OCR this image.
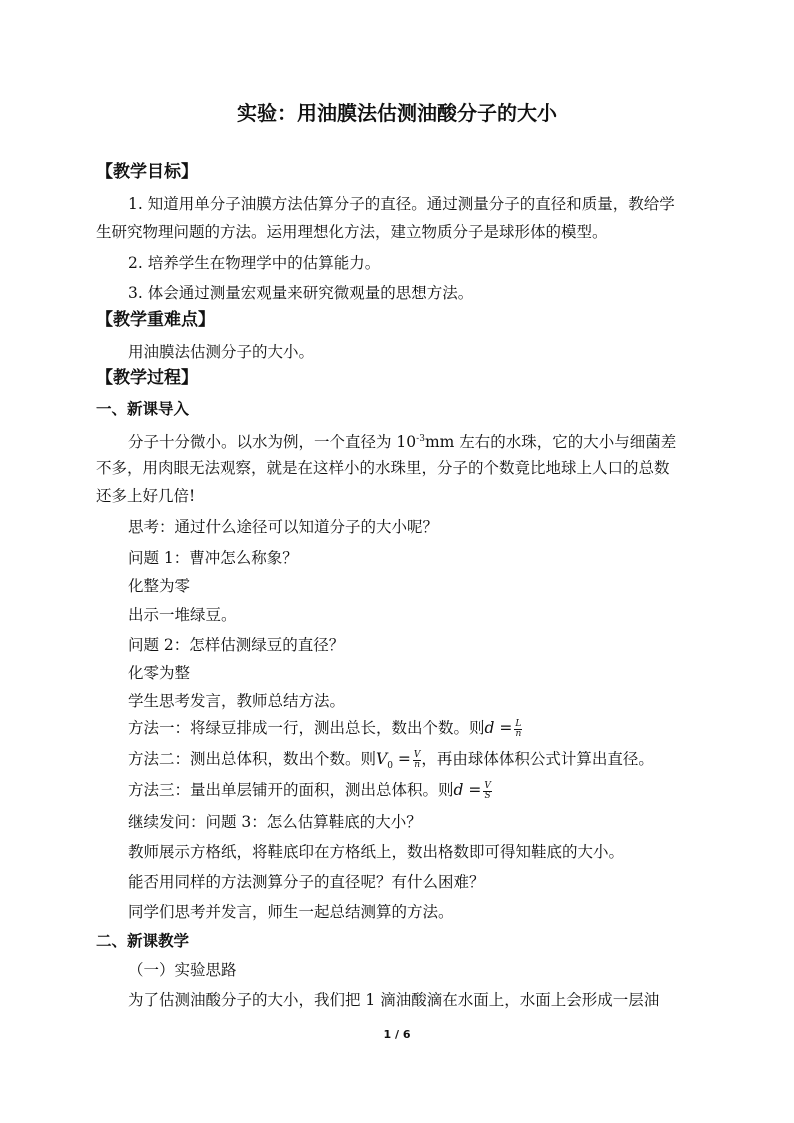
实验：用油膜法估测油酸分子的大小
【教学目标】
1. 知道用单分子油膜方法估算分子的直径。通过测量分子的直径和质量，教给学
生研究物理问题的方法。运用理想化方法，建立物质分子是球形体的模型。
2. 培养学生在物理学中的估算能力。
3. 体会通过测量宏观量来研究微观量的思想方法。
【教学重难点】
用油膜法估测分子的大小。
【教学过程】
一、新课导入
分子十分微小。以水为例，一个直径为 $10^{-3}mm$ 左右的水珠，它的大小与细菌差
不多，用肉眼无法观察，就是在这样小的水珠里，分子的个数竟比地球上人口的总数
还多上好几倍!
思考：通过什么途径可以知道分子的大小呢？
问题 1：曹冲怎么称象？
化整为零
出示一堆绿豆。
问题 2：怎样估测绿豆的直径？
化零为整
学生思考发言，教师总结方法。
方法一：将绿豆排成一行，测出总长，数出个数。则$d = \frac{L}{n}$
方法二：测出总体积，数出个数。则$V_0 = \frac{V}{n}$ ，再由球体体积公式计算出直径。
方法三：量出单层铺开的面积，测出总体积。则$d = \frac{V}{S}$
继续发问：问题 3：怎么估算鞋底的大小？
教师展示方格纸，将鞋底印在方格纸上，数出格数即可得知鞋底的大小。
能否用同样的方法测算分子的直径呢？有什么困难？
同学们思考并发言，师生一起总结测算的方法。
二、新课教学
（一）实验思路
为了估测油酸分子的大小，我们把 1 滴油酸滴在水面上，水面上会形成一层油
1 / 6
